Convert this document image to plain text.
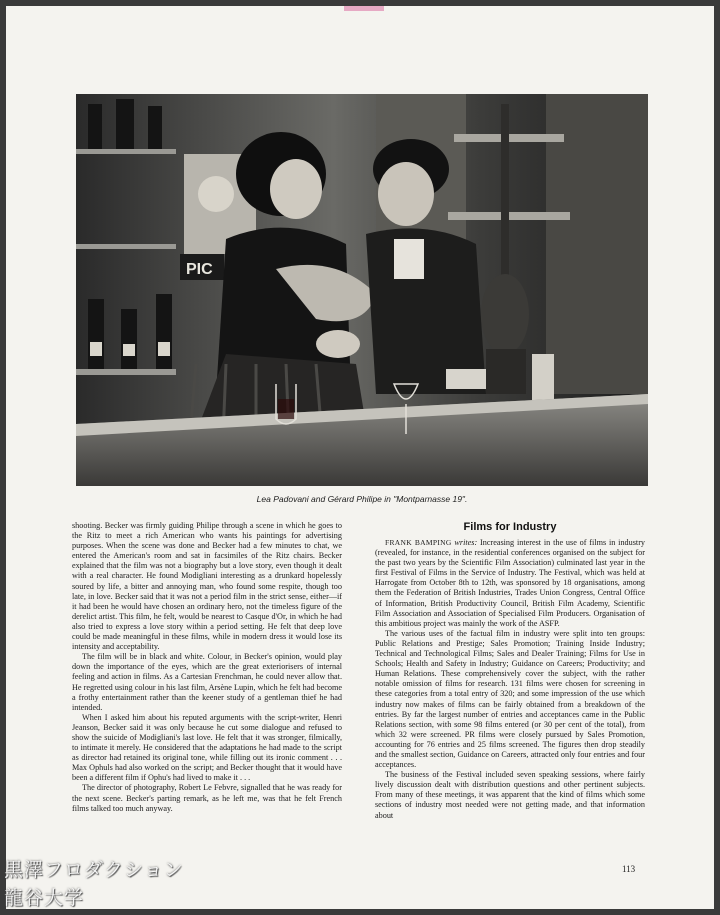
PIC
Lea Padovani and Gérard Philipe in "Montparnasse 19".

shooting. Becker was firmly guiding Philipe through a scene in which he goes to the Ritz to meet a rich American who wants his paintings for advertising purposes. When the scene was done and Becker had a few minutes to chat, we entered the American's room and sat in facsimiles of the Ritz chairs. Becker explained that the film was not a biography but a love story, even though it dealt with a real character. He found Modigliani interesting as a drunkard hopelessly soured by life, a bitter and annoying man, who found some respite, though too late, in love. Becker said that it was not a period film in the strict sense, either—if it had been he would have chosen an ordinary hero, not the timeless figure of the derelict artist. This film, he felt, would be nearest to Casque d'Or, in which he had also tried to express a love story within a period setting. He felt that deep love could be made meaningful in these films, while in modern dress it would lose its intensity and acceptability.

The film will be in black and white. Colour, in Becker's opinion, would play down the importance of the eyes, which are the great exteriorisers of internal feeling and action in films. As a Cartesian Frenchman, he could never allow that. He regretted using colour in his last film, Arsène Lupin, which he felt had become a frothy entertainment rather than the keener study of a gentleman thief he had intended.

When I asked him about his reputed arguments with the script-writer, Henri Jeanson, Becker said it was only because he cut some dialogue and refused to show the suicide of Modigliani's last love. He felt that it was stronger, filmically, to intimate it merely. He considered that the adaptations he had made to the script as director had retained its original tone, while filling out its ironic comment . . . Max Ophuls had also worked on the script; and Becker thought that it would have been a different film if Ophu's had lived to make it . . .

The director of photography, Robert Le Febvre, signalled that he was ready for the next scene. Becker's parting remark, as he left me, was that he felt French films talked too much anyway.

Films for Industry

FRANK BAMPING writes: Increasing interest in the use of films in industry (revealed, for instance, in the residential conferences organised on the subject for the past two years by the Scientific Film Association) culminated last year in the first Festival of Films in the Service of Industry. The Festival, which was held at Harrogate from October 8th to 12th, was sponsored by 18 organisations, among them the Federation of British Industries, Trades Union Congress, Central Office of Information, British Productivity Council, British Film Academy, Scientific Film Association and Association of Specialised Film Producers. Organisation of this ambitious project was mainly the work of the ASFP.

The various uses of the factual film in industry were split into ten groups: Public Relations and Prestige; Sales Promotion; Training Inside Industry; Technical and Technological Films; Sales and Dealer Training; Films for Use in Schools; Health and Safety in Industry; Guidance on Careers; Productivity; and Human Relations. These comprehensively cover the subject, with the rather notable omission of films for research. 131 films were chosen for screening in these categories from a total entry of 320; and some impression of the use which industry now makes of films can be fairly obtained from a breakdown of the entries. By far the largest number of entries and acceptances came in the Public Relations section, with some 98 films entered (or 30 per cent of the total), from which 32 were screened. PR films were closely pursued by Sales Promotion, accounting for 76 entries and 25 films screened. The figures then drop steadily and the smallest section, Guidance on Careers, attracted only four entries and four acceptances.

The business of the Festival included seven speaking sessions, where fairly lively discussion dealt with distribution questions and other pertinent subjects. From many of these meetings, it was apparent that the kind of films which some sections of industry most needed were not getting made, and that information about

113
黒澤フロダクション
龍谷大学
